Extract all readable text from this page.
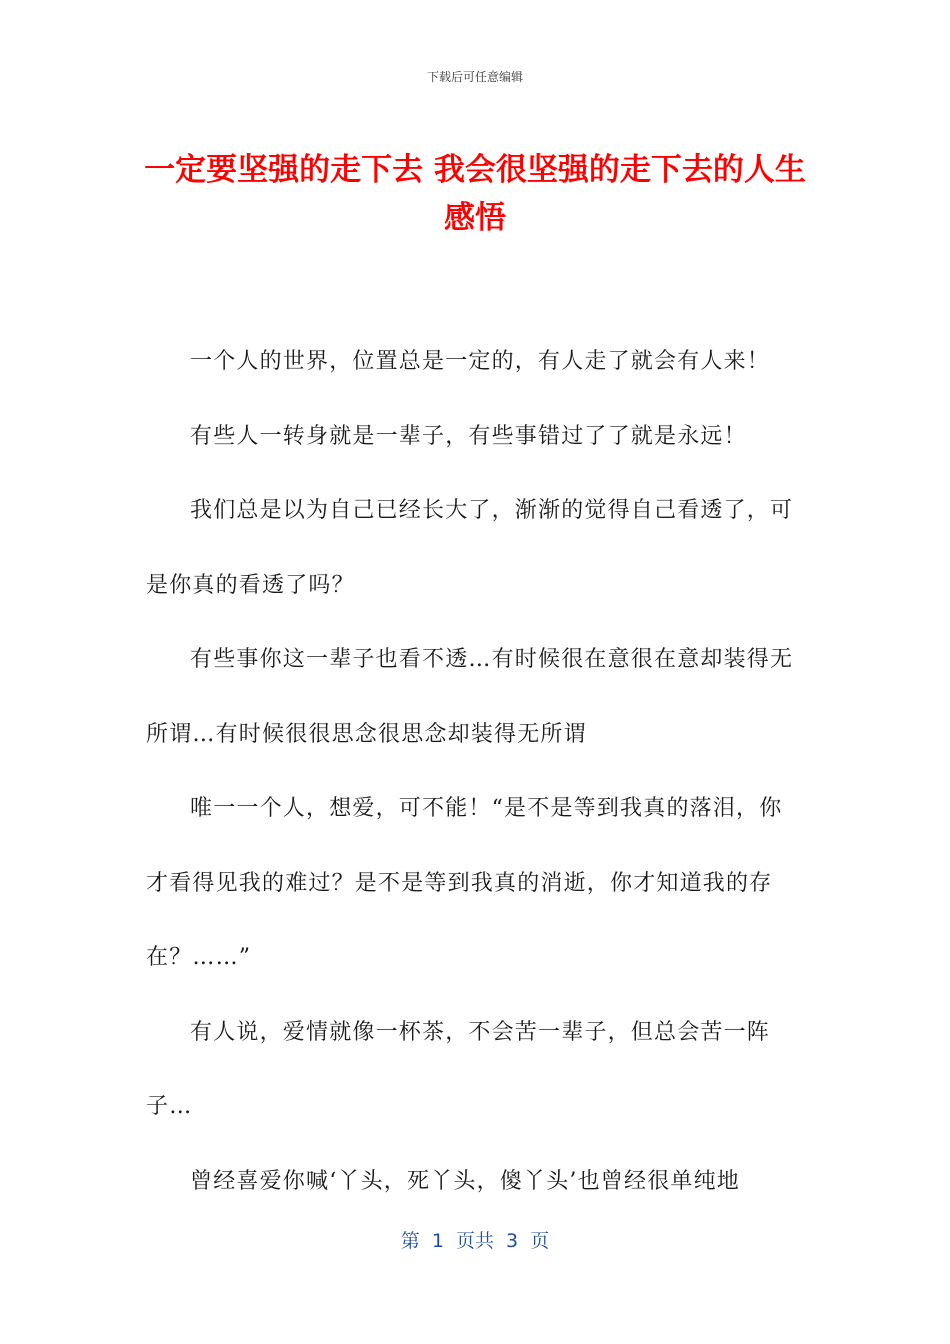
下载后可任意编辑
一定要坚强的走下去 我会很坚强的走下去的人生感悟

一个人的世界，位置总是一定的，有人走了就会有人来！

有些人一转身就是一辈子，有些事错过了了就是永远！

我们总是以为自己已经长大了，渐渐的觉得自己看透了，可是你真的看透了吗？

有些事你这一辈子也看不透…有时候很在意很在意却装得无所谓…有时候很很思念很思念却装得无所谓

唯一一个人，想爱，可不能！“是不是等到我真的落泪，你才看得见我的难过？是不是等到我真的消逝，你才知道我的存在？……”

有人说，爱情就像一杯茶，不会苦一辈子，但总会苦一阵子…

曾经喜爱你喊‘丫头，死丫头，傻丫头’也曾经很单纯地

第 1 页共 3 页
